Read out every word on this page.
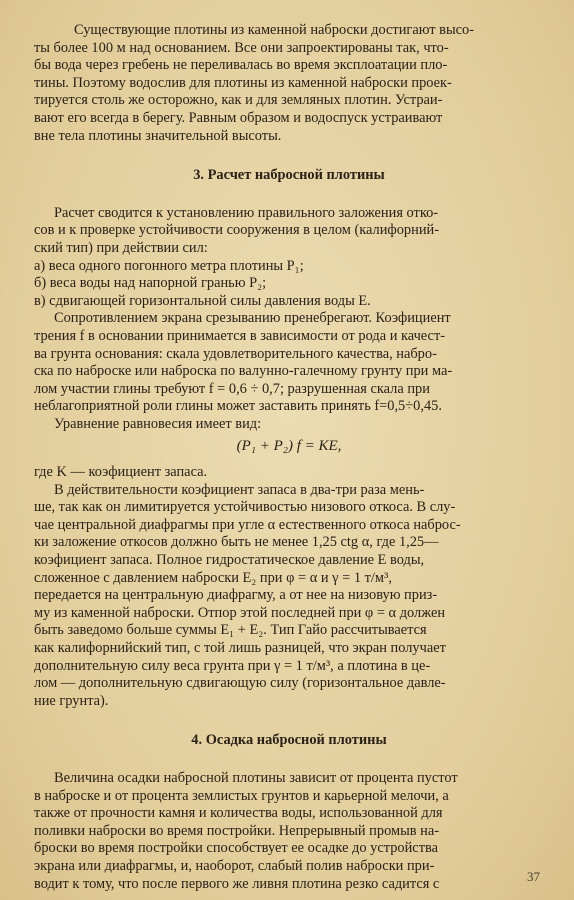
Существующие плотины из каменной наброски достигают высо-
ты более 100 м над основанием. Все они запроектированы так, что-
бы вода через гребень не переливалась во время эксплоатации пло-
тины. Поэтому водослив для плотины из каменной наброски проек-
тируется столь же осторожно, как и для земляных плотин. Устраи-
вают его всегда в берегу. Равным образом и водоспуск устраивают
вне тела плотины значительной высоты.

3. Расчет набросной плотины

Расчет сводится к установлению правильного заложения отко-
сов и к проверке устойчивости сооружения в целом (калифорний-
ский тип) при действии сил:

а) веса одного погонного метра плотины P₁;
б) веса воды над напорной гранью P₂;
в) сдвигающей горизонтальной силы давления воды E.

Сопротивлением экрана срезыванию пренебрегают. Коэфициент
трения f в основании принимается в зависимости от рода и качест-
ва грунта основания: скала удовлетворительного качества, набро-
ска по наброске или наброска по валунно-галечному грунту при ма-
лом участии глины требуют f = 0,6 ÷ 0,7; разрушенная скала при
неблагоприятной роли глины может заставить принять f=0,5÷0,45.

Уравнение равновесия имеет вид:

(P₁ + P₂) f = KE,

где K — коэфициент запаса.

В действительности коэфициент запаса в два-три раза мень-
ше, так как он лимитируется устойчивостью низового откоса. В слу-
чае центральной диафрагмы при угле α естественного откоса наброс-
ки заложение откосов должно быть не менее 1,25 ctg α, где 1,25—
коэфициент запаса. Полное гидростатическое давление E воды,
сложенное с давлением наброски E₂ при φ = α и γ = 1 т/м³,
передается на центральную диафрагму, а от нее на низовую приз-
му из каменной наброски. Отпор этой последней при φ = α должен
быть заведомо больше суммы E₁ + E₂. Тип Гайо рассчитывается
как калифорнийский тип, с той лишь разницей, что экран получает
дополнительную силу веса грунта при γ = 1 т/м³, а плотина в це-
лом — дополнительную сдвигающую силу (горизонтальное давле-
ние грунта).

4. Осадка набросной плотины

Величина осадки набросной плотины зависит от процента пустот
в наброске и от процента землистых грунтов и карьерной мелочи, а
также от прочности камня и количества воды, использованной для
поливки наброски во время постройки. Непрерывный промыв на-
броски во время постройки способствует ее осадке до устройства
экрана или диафрагмы, и, наоборот, слабый полив наброски при-
водит к тому, что после первого же ливня плотина резко садится с	37
